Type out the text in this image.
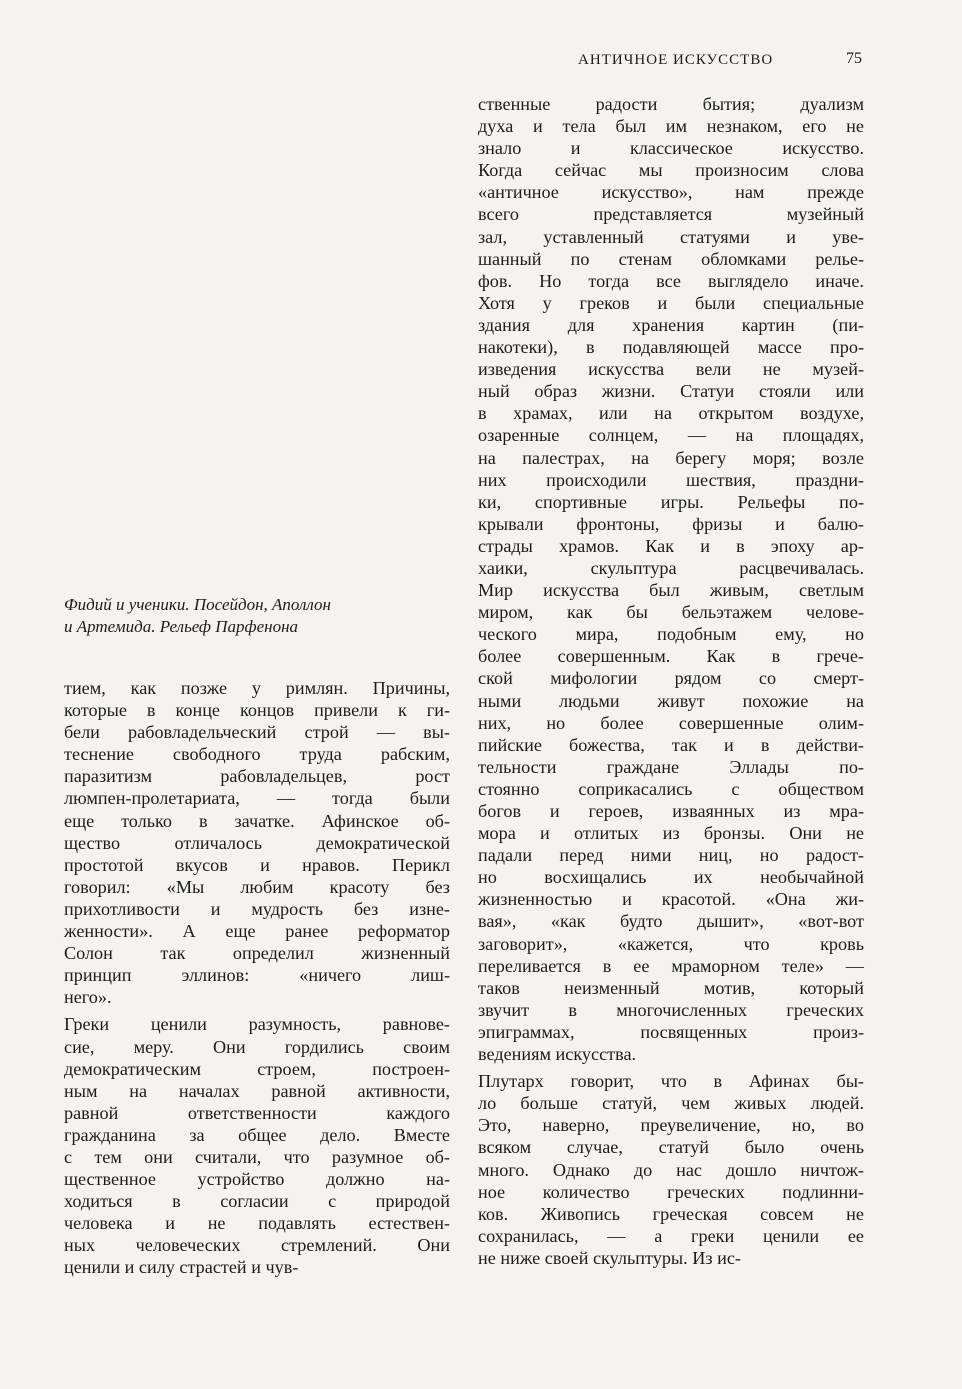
АНТИЧНОЕ ИСКУССТВО	75
Фидий и ученики. Посейдон, Аполлон
и Артемида. Рельеф Парфенона
тием, как позже у римлян. Причины,
которые в конце концов привели к ги-
бели рабовладельческий строй — вы-
теснение свободного труда рабским,
паразитизм рабовладельцев, рост
люмпен-пролетариата, — тогда были
еще только в зачатке. Афинское об-
щество отличалось демократической
простотой вкусов и нравов. Перикл
говорил: «Мы любим красоту без
прихотливости и мудрость без изне-
женности». А еще ранее реформатор
Солон так определил жизненный
принцип эллинов: «ничего лиш-
него».
Греки ценили разумность, равнове-
сие, меру. Они гордились своим
демократическим строем, построен-
ным на началах равной активности,
равной ответственности каждого
гражданина за общее дело. Вместе
с тем они считали, что разумное об-
щественное устройство должно на-
ходиться в согласии с природой
человека и не подавлять естествен-
ных человеческих стремлений. Они
ценили и силу страстей и чув-
ственные радости бытия; дуализм
духа и тела был им незнаком, его не
знало и классическое искусство.
Когда сейчас мы произносим слова
«античное искусство», нам прежде
всего представляется музейный
зал, уставленный статуями и уве-
шанный по стенам обломками релье-
фов. Но тогда все выглядело иначе.
Хотя у греков и были специальные
здания для хранения картин (пи-
накотеки), в подавляющей массе про-
изведения искусства вели не музей-
ный образ жизни. Статуи стояли или
в храмах, или на открытом воздухе,
озаренные солнцем, — на площадях,
на палестрах, на берегу моря; возле
них происходили шествия, праздни-
ки, спортивные игры. Рельефы по-
крывали фронтоны, фризы и балю-
страды храмов. Как и в эпоху ар-
хаики, скульптура расцвечивалась.
Мир искусства был живым, светлым
миром, как бы бельэтажем челове-
ческого мира, подобным ему, но
более совершенным. Как в грече-
ской мифологии рядом со смерт-
ными людьми живут похожие на
них, но более совершенные олим-
пийские божества, так и в действи-
тельности граждане Эллады по-
стоянно соприкасались с обществом
богов и героев, изваянных из мра-
мора и отлитых из бронзы. Они не
падали перед ними ниц, но радост-
но восхищались их необычайной
жизненностью и красотой. «Она жи-
вая», «как будто дышит», «вот-вот
заговорит», «кажется, что кровь
переливается в ее мраморном теле» —
таков неизменный мотив, который
звучит в многочисленных греческих
эпиграммах, посвященных произ-
ведениям искусства.
Плутарх говорит, что в Афинах бы-
ло больше статуй, чем живых людей.
Это, наверно, преувеличение, но, во
всяком случае, статуй было очень
много. Однако до нас дошло ничтож-
ное количество греческих подлинни-
ков. Живопись греческая совсем не
сохранилась, — а греки ценили ее
не ниже своей скульптуры. Из ис-
